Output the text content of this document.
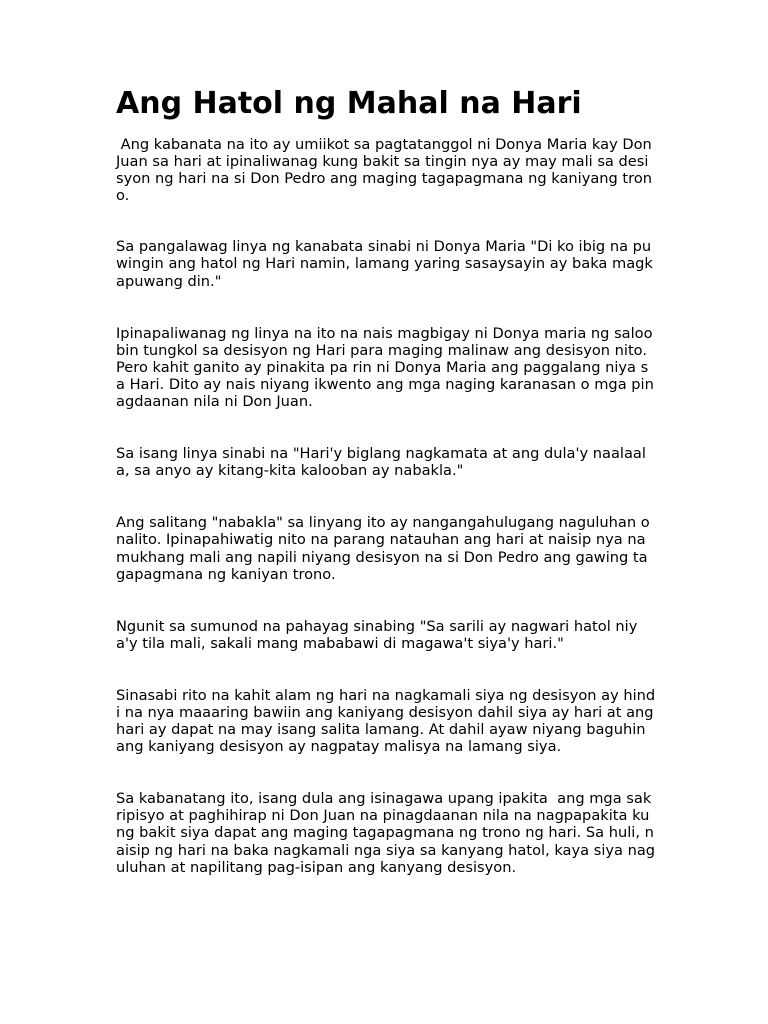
Ang Hatol ng Mahal na Hari

Ang kabanata na ito ay umiikot sa pagtatanggol ni Donya Maria kay Don Juan sa hari at ipinaliwanag kung bakit sa tingin nya ay may mali sa desisyon ng hari na si Don Pedro ang maging tagapagmana ng kaniyang trono.

Sa pangalawag linya ng kanabata sinabi ni Donya Maria "Di ko ibig na puwingin ang hatol ng Hari namin, lamang yaring sasaysayin ay baka magkapuwang din."

Ipinapaliwanag ng linya na ito na nais magbigay ni Donya maria ng saloobin tungkol sa desisyon ng Hari para maging malinaw ang desisyon nito. Pero kahit ganito ay pinakita pa rin ni Donya Maria ang paggalang niya sa Hari. Dito ay nais niyang ikwento ang mga naging karanasan o mga pinagdaanan nila ni Don Juan.

Sa isang linya sinabi na "Hari'y biglang nagkamata at ang dula'y naalaala, sa anyo ay kitang-kita kalooban ay nabakla."

Ang salitang "nabakla" sa linyang ito ay nangangahulugang naguluhan o nalito. Ipinapahiwatig nito na parang natauhan ang hari at naisip nya na mukhang mali ang napili niyang desisyon na si Don Pedro ang gawing tagapagmana ng kaniyan trono.

Ngunit sa sumunod na pahayag sinabing "Sa sarili ay nagwari hatol niya'y tila mali, sakali mang mababawi di magawa't siya'y hari."

Sinasabi rito na kahit alam ng hari na nagkamali siya ng desisyon ay hindi na nya maaaring bawiin ang kaniyang desisyon dahil siya ay hari at ang hari ay dapat na may isang salita lamang. At dahil ayaw niyang baguhin ang kaniyang desisyon ay nagpatay malisya na lamang siya.

Sa kabanatang ito, isang dula ang isinagawa upang ipakita  ang mga sakripisyo at paghihirap ni Don Juan na pinagdaanan nila na nagpapakita kung bakit siya dapat ang maging tagapagmana ng trono ng hari. Sa huli, naisip ng hari na baka nagkamali nga siya sa kanyang hatol, kaya siya naguluhan at napilitang pag-isipan ang kanyang desisyon.
